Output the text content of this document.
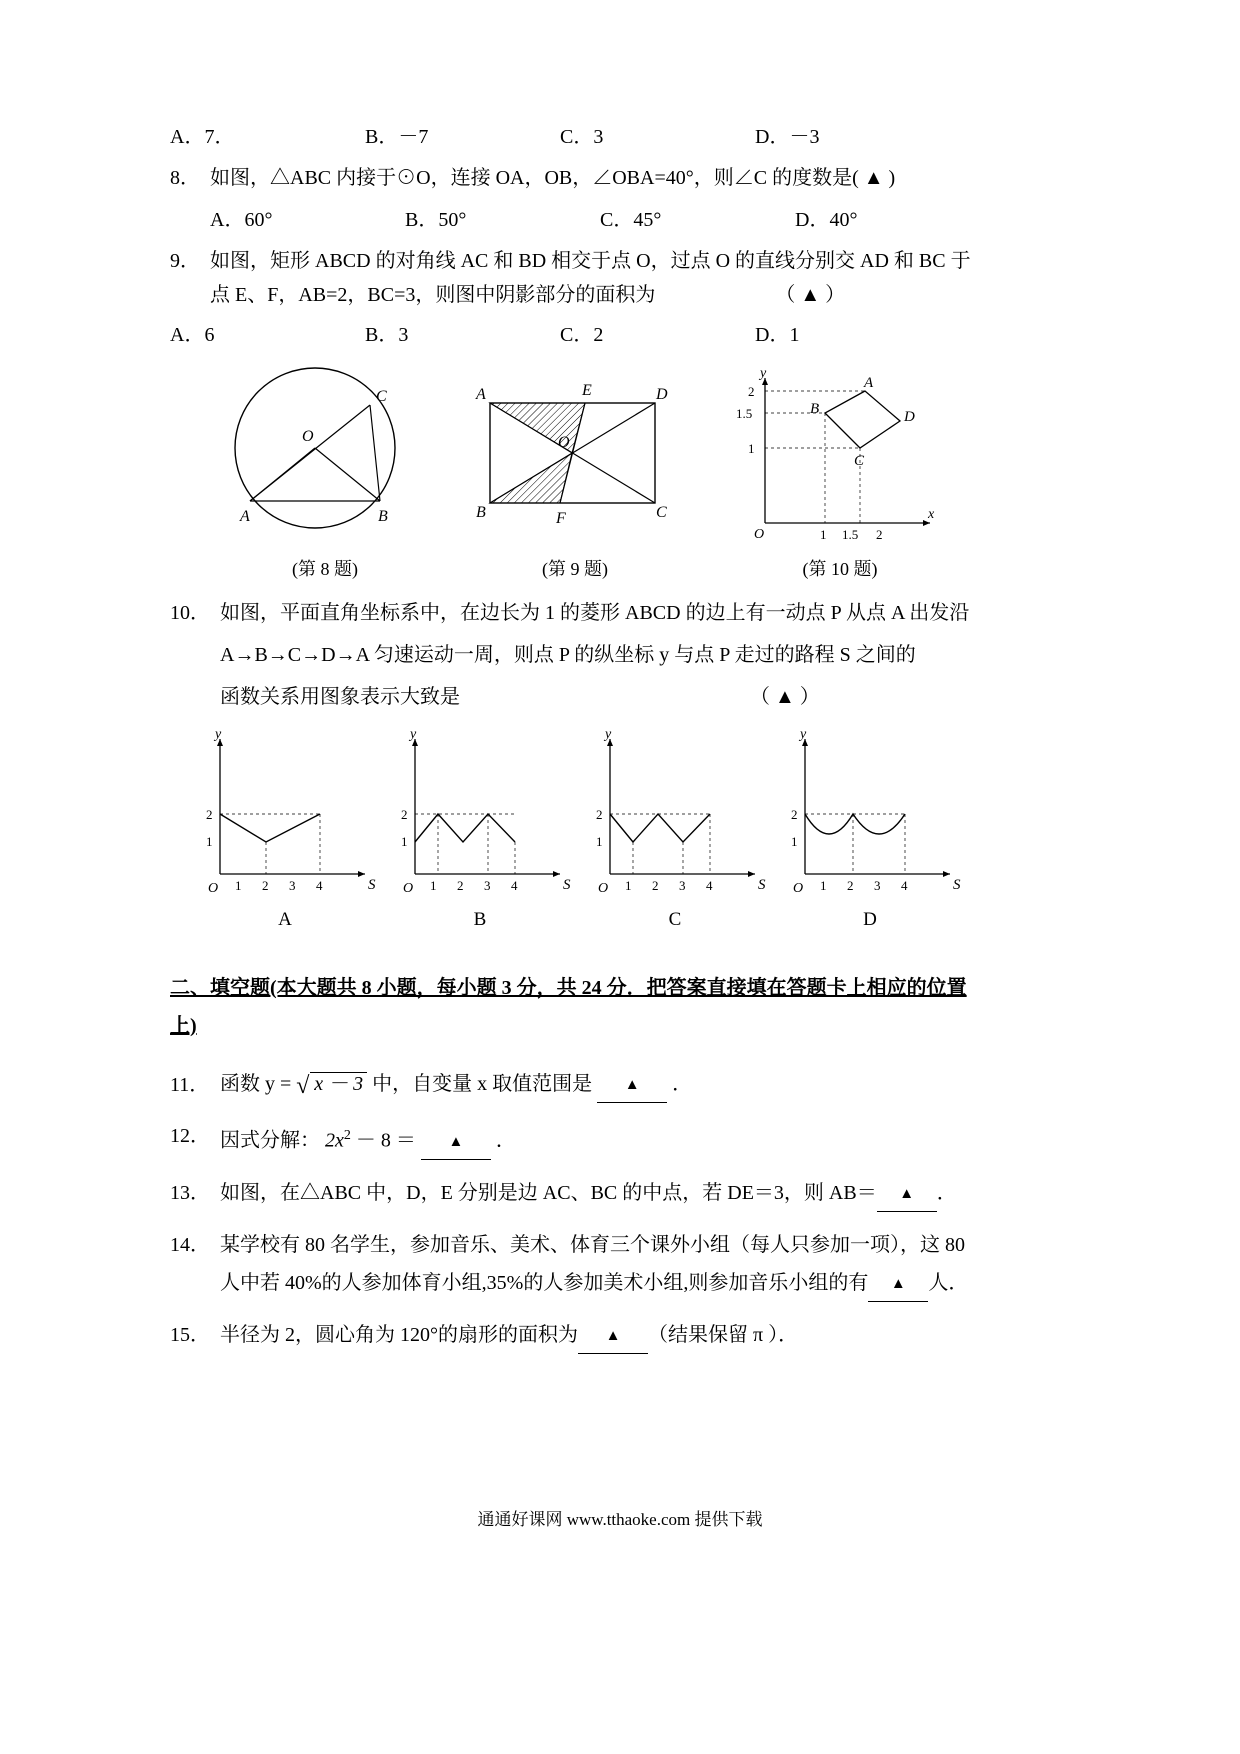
A．7．	B．－7	C．3	D．－3
8． 如图，△ABC 内接于⊙O，连接 OA，OB，∠OBA=40°，则∠C 的度数是( ▲ )
A．60°	B．50°	C．45°	D．40°
9． 如图，矩形 ABCD 的对角线 AC 和 BD 相交于点 O，过点 O 的直线分别交 AD 和 BC 于
点 E、F，AB=2，BC=3，则图中阴影部分的面积为	（ ▲ ）
A．6	B．3	C．2	D．1
O
A	B
C
(第 8 题)
A	E	D
B	F	C
O
(第 9 题)
y
x
O
2
1.5
1
1 1.5 2
A
B
C
D
(第 10 题)
10． 如图，平面直角坐标系中，在边长为 1 的菱形 ABCD 的边上有一动点 P 从点 A 出发沿
A→B→C→D→A 匀速运动一周，则点 P 的纵坐标 y 与点 P 走过的路程 S 之间的
函数关系用图象表示大致是	（ ▲ ）
y
S
O
2
1
1 2 3 4
A
y
S
O
2
1
1 2 3 4
B
y
S
O
2
1
1 2 3 4
C
y
S
O
2
1
1 2 3 4
D
二、填空题(本大题共 8 小题，每小题 3 分，共 24 分．把答案直接填在答题卡上相应的位置
上)
11． 函数 y = √ x － 3 中，自变量 x 取值范围是 ▲ ．
12． 因式分解： $2x^2 - 8$ ＝ ▲ ．
13． 如图，在△ABC 中，D，E 分别是边 AC、BC 的中点，若 DE＝3，则 AB＝ ▲ ．
14． 某学校有 80 名学生，参加音乐、美术、体育三个课外小组（每人只参加一项），这 80
人中若 40%的人参加体育小组,35%的人参加美术小组,则参加音乐小组的有 ▲ 人．
15． 半径为 2，圆心角为 120°的扇形的面积为 ▲ （结果保留 π ）．
通通好课网 www.tthaoke.com 提供下载
